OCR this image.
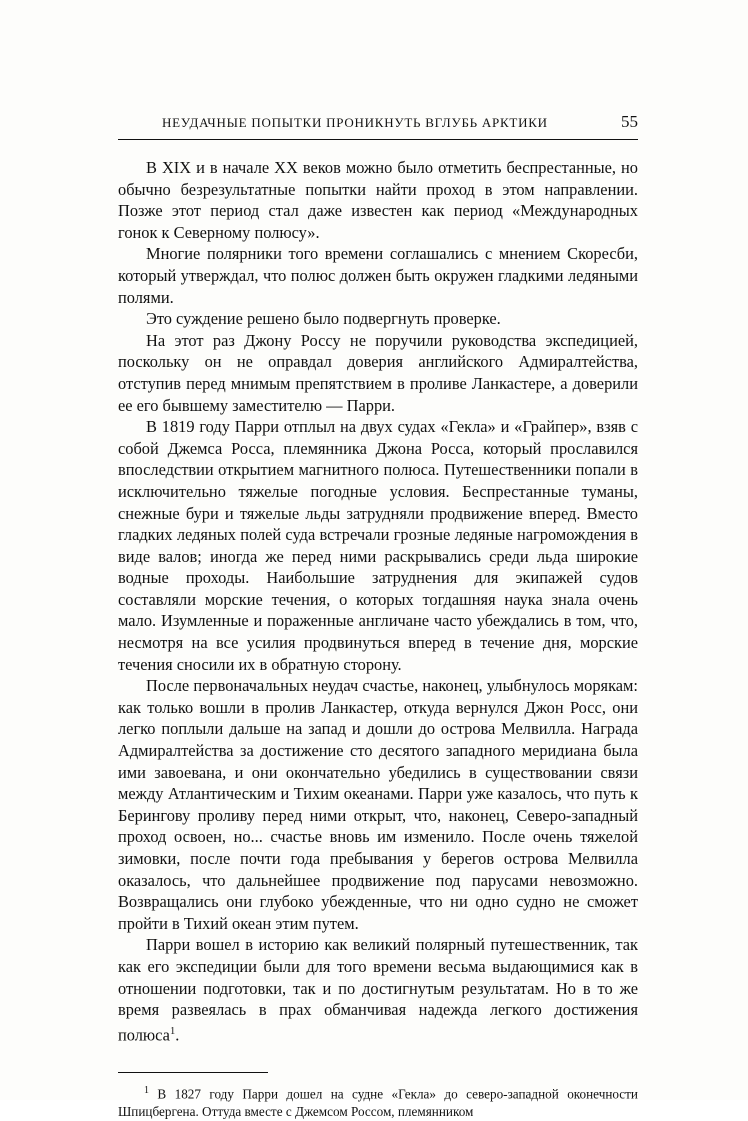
НЕУДАЧНЫЕ ПОПЫТКИ ПРОНИКНУТЬ ВГЛУБЬ АРКТИКИ	55

В XIX и в начале XX веков можно было отметить беспрестанные, но обычно безрезультатные попытки найти проход в этом направлении. Позже этот период стал даже известен как период «Международных гонок к Северному полюсу».

Многие полярники того времени соглашались с мнением Скоресби, который утверждал, что полюс должен быть окружен гладкими ледяными полями.

Это суждение решено было подвергнуть проверке.

На этот раз Джону Россу не поручили руководства экспедицией, поскольку он не оправдал доверия английского Адмиралтейства, отступив перед мнимым препятствием в проливе Ланкастере, а доверили ее его бывшему заместителю — Парри.

В 1819 году Парри отплыл на двух судах «Гекла» и «Грайпер», взяв с собой Джемса Росса, племянника Джона Росса, который прославился впоследствии открытием магнитного полюса. Путешественники попали в исключительно тяжелые погодные условия. Беспрестанные туманы, снежные бури и тяжелые льды затрудняли продвижение вперед. Вместо гладких ледяных полей суда встречали грозные ледяные нагромождения в виде валов; иногда же перед ними раскрывались среди льда широкие водные проходы. Наибольшие затруднения для экипажей судов составляли морские течения, о которых тогдашняя наука знала очень мало. Изумленные и пораженные англичане часто убеждались в том, что, несмотря на все усилия продвинуться вперед в течение дня, морские течения сносили их в обратную сторону.

После первоначальных неудач счастье, наконец, улыбнулось морякам: как только вошли в пролив Ланкастер, откуда вернулся Джон Росс, они легко поплыли дальше на запад и дошли до острова Мелвилла. Награда Адмиралтейства за достижение сто десятого западного меридиана была ими завоевана, и они окончательно убедились в существовании связи между Атлантическим и Тихим океанами. Парри уже казалось, что путь к Берингову проливу перед ними открыт, что, наконец, Северо-западный проход освоен, но... счастье вновь им изменило. После очень тяжелой зимовки, после почти года пребывания у берегов острова Мелвилла оказалось, что дальнейшее продвижение под парусами невозможно. Возвращались они глубоко убежденные, что ни одно судно не сможет пройти в Тихий океан этим путем.

Парри вошел в историю как великий полярный путешественник, так как его экспедиции были для того времени весьма выдающимися как в отношении подготовки, так и по достигнутым результатам. Но в то же время развеялась в прах обманчивая надежда легкого достижения полюса$^1$.

$^1$ В 1827 году Парри дошел на судне «Гекла» до северо-западной оконечности Шпицбергена. Оттуда вместе с Джемсом Россом, племянником
